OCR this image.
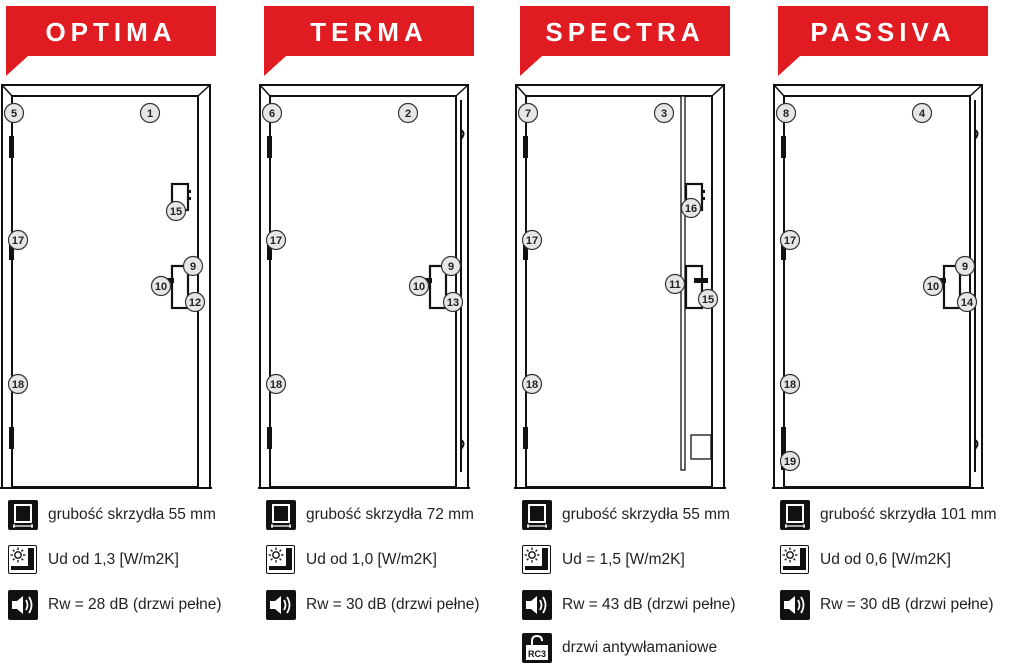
OPTIMA
5	1
17
18
15
9
10
12
grubość skrzydła 55 mm
Ud od 1,3 [W/m2K]
Rw = 28 dB (drzwi pełne)
TERMA
6	2
17
18
9
10
13
grubość skrzydła 72 mm
Ud od 1,0 [W/m2K]
Rw = 30 dB (drzwi pełne)
SPECTRA
7	3
17
18
16
11
15
grubość skrzydła 55 mm
Ud = 1,5 [W/m2K]
Rw = 43 dB (drzwi pełne)
RC3 drzwi antywłamaniowe
PASSIVA
8	4
17
18
19
9
10
14
grubość skrzydła 101 mm
Ud od 0,6 [W/m2K]
Rw = 30 dB (drzwi pełne)
